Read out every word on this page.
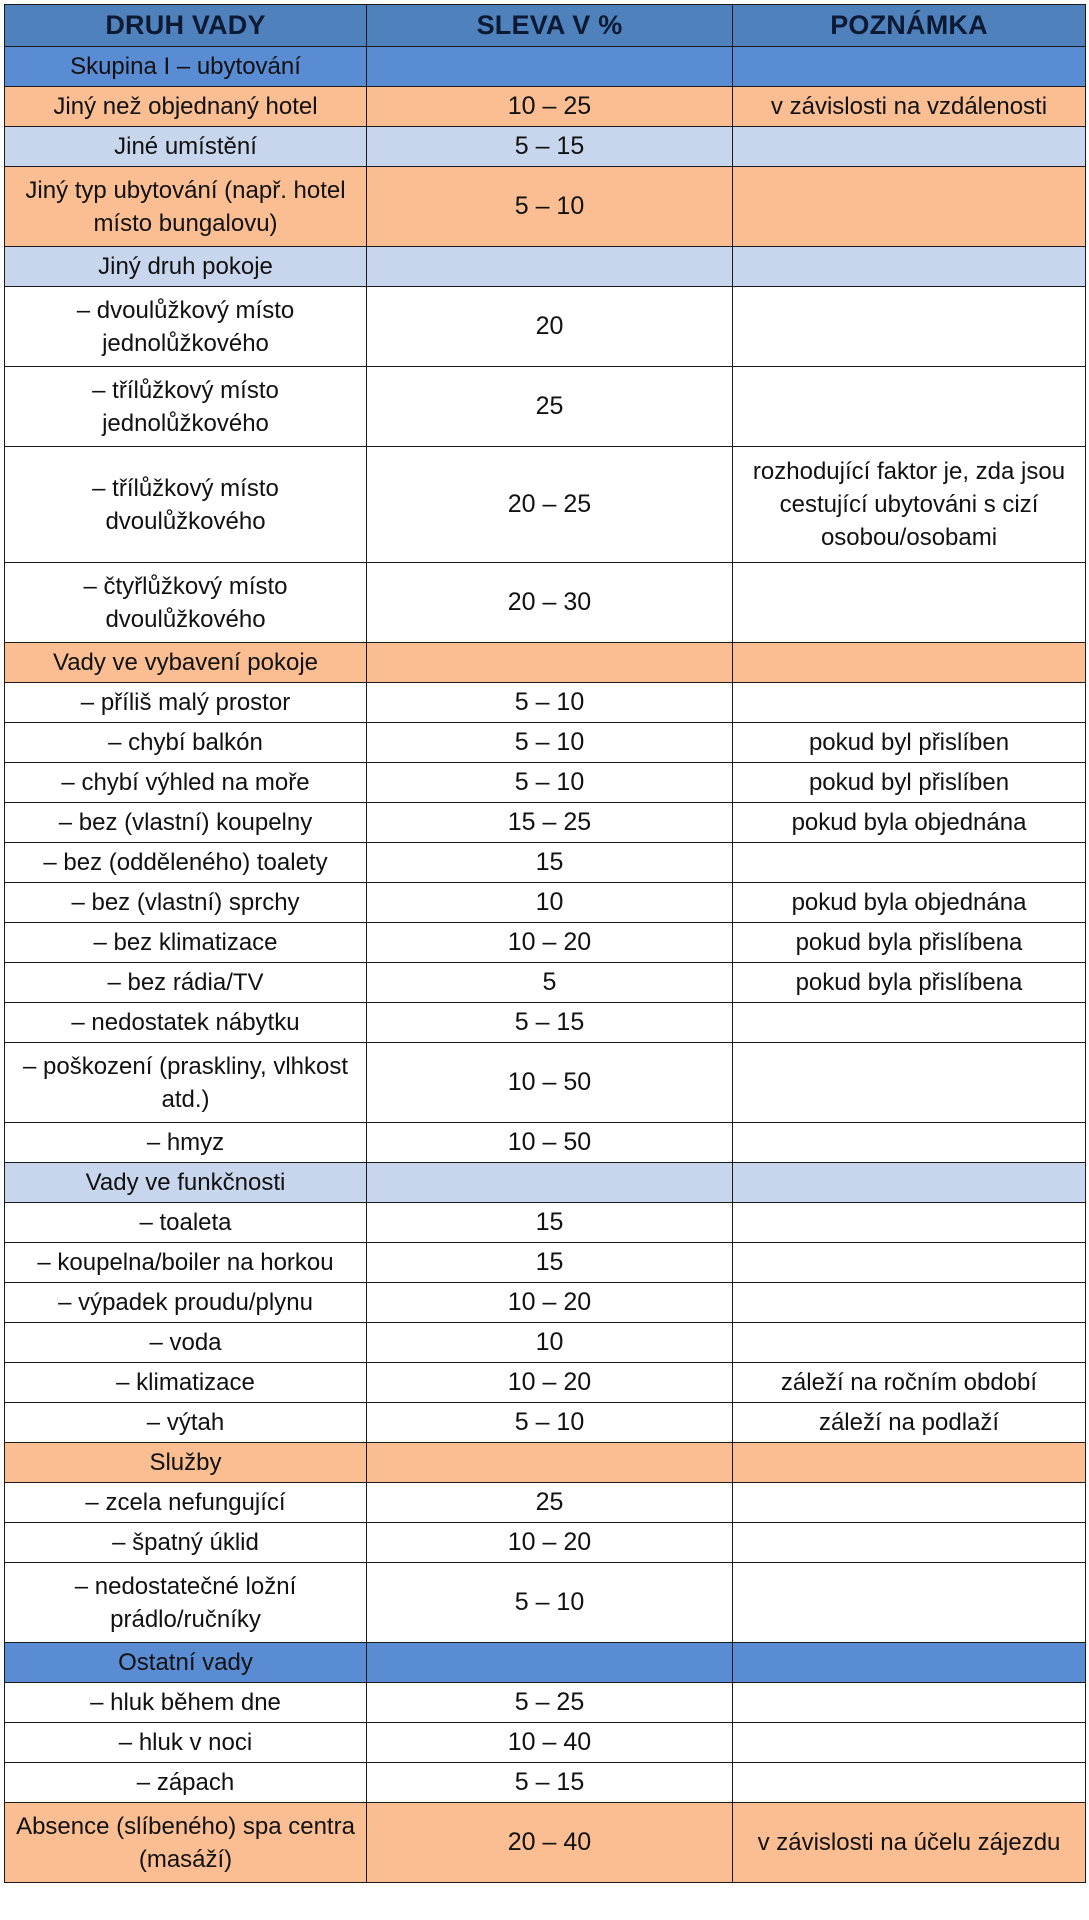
DRUH VADY	SLEVA V %	POZNÁMKA
Skupina I – ubytování		
Jiný než objednaný hotel	10 – 25	v závislosti na vzdálenosti
Jiné umístění	5 – 15	
Jiný typ ubytování (např. hotel místo bungalovu)	5 – 10	
Jiný druh pokoje		
– dvoulůžkový místo jednolůžkového	20	
– třílůžkový místo jednolůžkového	25	
– třílůžkový místo dvoulůžkového	20 – 25	rozhodující faktor je, zda jsou cestující ubytováni s cizí osobou/osobami
– čtyřlůžkový místo dvoulůžkového	20 – 30	
Vady ve vybavení pokoje		
– příliš malý prostor	5 – 10	
– chybí balkón	5 – 10	pokud byl přislíben
– chybí výhled na moře	5 – 10	pokud byl přislíben
– bez (vlastní) koupelny	15 – 25	pokud byla objednána
– bez (odděleného) toalety	15	
– bez (vlastní) sprchy	10	pokud byla objednána
– bez klimatizace	10 – 20	pokud byla přislíbena
– bez rádia/TV	5	pokud byla přislíbena
– nedostatek nábytku	5 – 15	
– poškození (praskliny, vlhkost atd.)	10 – 50	
– hmyz	10 – 50	
Vady ve funkčnosti		
– toaleta	15	
– koupelna/boiler na horkou	15	
– výpadek proudu/plynu	10 – 20	
– voda	10	
– klimatizace	10 – 20	záleží na ročním období
– výtah	5 – 10	záleží na podlaží
Služby		
– zcela nefungující	25	
– špatný úklid	10 – 20	
– nedostatečné ložní prádlo/ručníky	5 – 10	
Ostatní vady		
– hluk během dne	5 – 25	
– hluk v noci	10 – 40	
– zápach	5 – 15	
Absence (slíbeného) spa centra (masáží)	20 – 40	v závislosti na účelu zájezdu
